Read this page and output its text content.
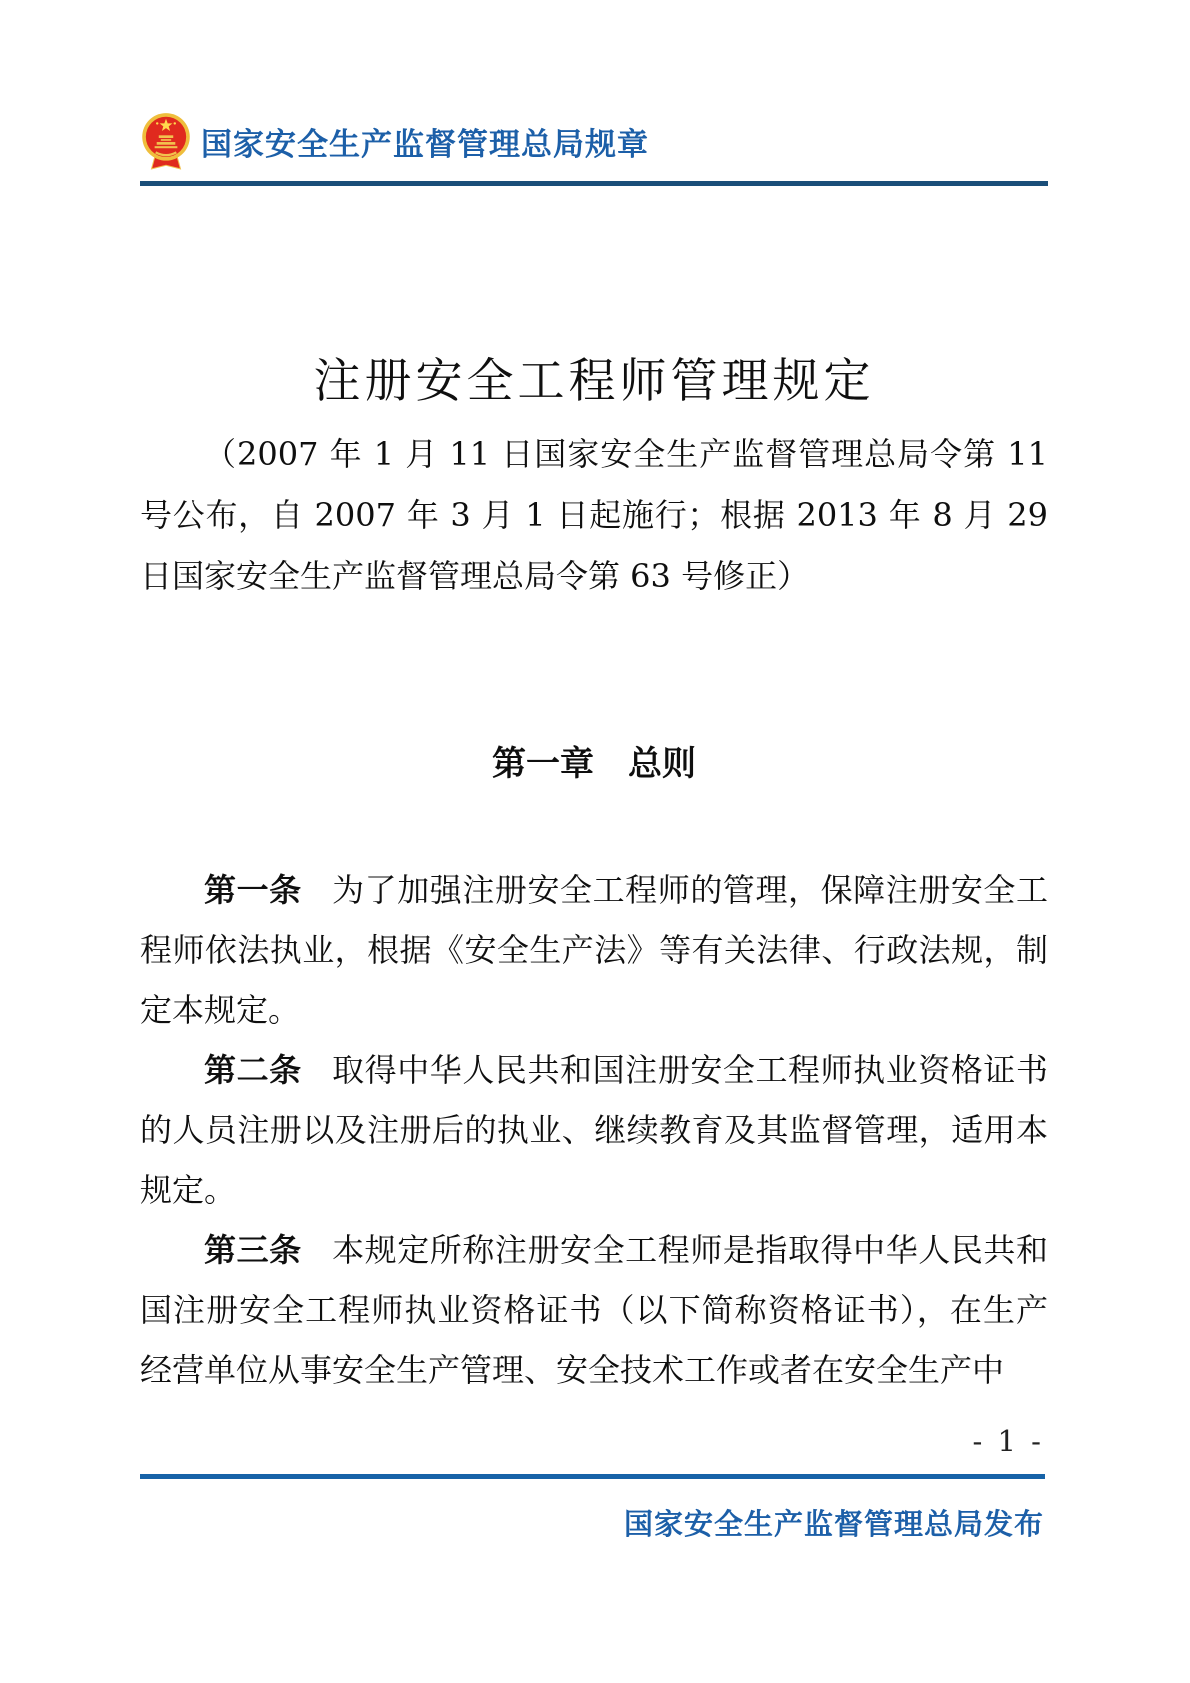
国家安全生产监督管理总局规章
注册安全工程师管理规定

（2007 年 1 月 11 日国家安全生产监督管理总局令第 11 号公布，自 2007 年 3 月 1 日起施行；根据 2013 年 8 月 29 日国家安全生产监督管理总局令第 63 号修正）

第一章　总则

第一条 为了加强注册安全工程师的管理，保障注册安全工程师依法执业，根据《安全生产法》等有关法律、行政法规，制定本规定。

第二条 取得中华人民共和国注册安全工程师执业资格证书的人员注册以及注册后的执业、继续教育及其监督管理，适用本规定。

第三条 本规定所称注册安全工程师是指取得中华人民共和国注册安全工程师执业资格证书（以下简称资格证书），在生产经营单位从事安全生产管理、安全技术工作或者在安全生产中

- 1 -
国家安全生产监督管理总局发布
